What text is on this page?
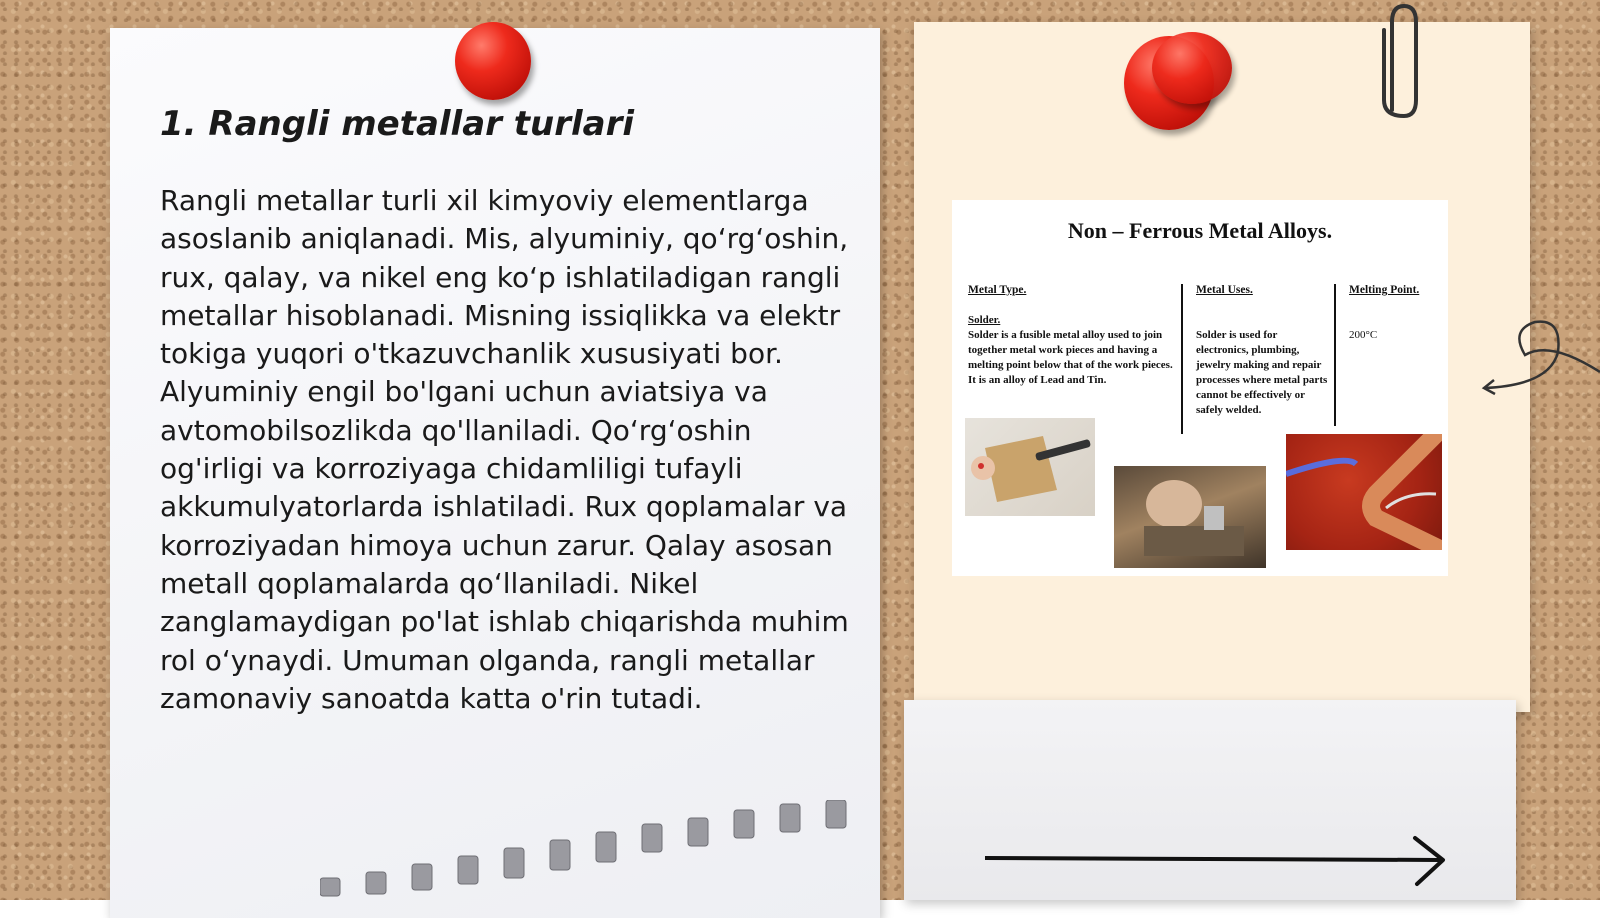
1. Rangli metallar turlari

Rangli metallar turli xil kimyoviy elementlarga asoslanib aniqlanadi. Mis, alyuminiy, qo‘rg‘oshin, rux, qalay, va nikel eng ko‘p ishlatiladigan rangli metallar hisoblanadi. Misning issiqlikka va elektr tokiga yuqori o'tkazuvchanlik xususiyati bor. Alyuminiy engil bo'lgani uchun aviatsiya va avtomobilsozlikda qo'llaniladi. Qo‘rg‘oshin og'irligi va korroziyaga chidamliligi tufayli akkumulyatorlarda ishlatiladi. Rux qoplamalar va korroziyadan himoya uchun zarur. Qalay asosan metall qoplamalarda qo‘llaniladi. Nikel zanglamaydigan po'lat ishlab chiqarishda muhim rol o‘ynaydi. Umuman olganda, rangli metallar zamonaviy sanoatda katta o'rin tutadi.

Non – Ferrous Metal Alloys.
Metal Type.	Metal Uses.	Melting Point.
Solder.
Solder is a fusible metal alloy used to join together metal work pieces and having a melting point below that of the work pieces. It is an alloy of Lead and Tin.
Solder is used for electronics, plumbing, jewelry making and repair processes where metal parts cannot be effectively or safely welded.
200°C
